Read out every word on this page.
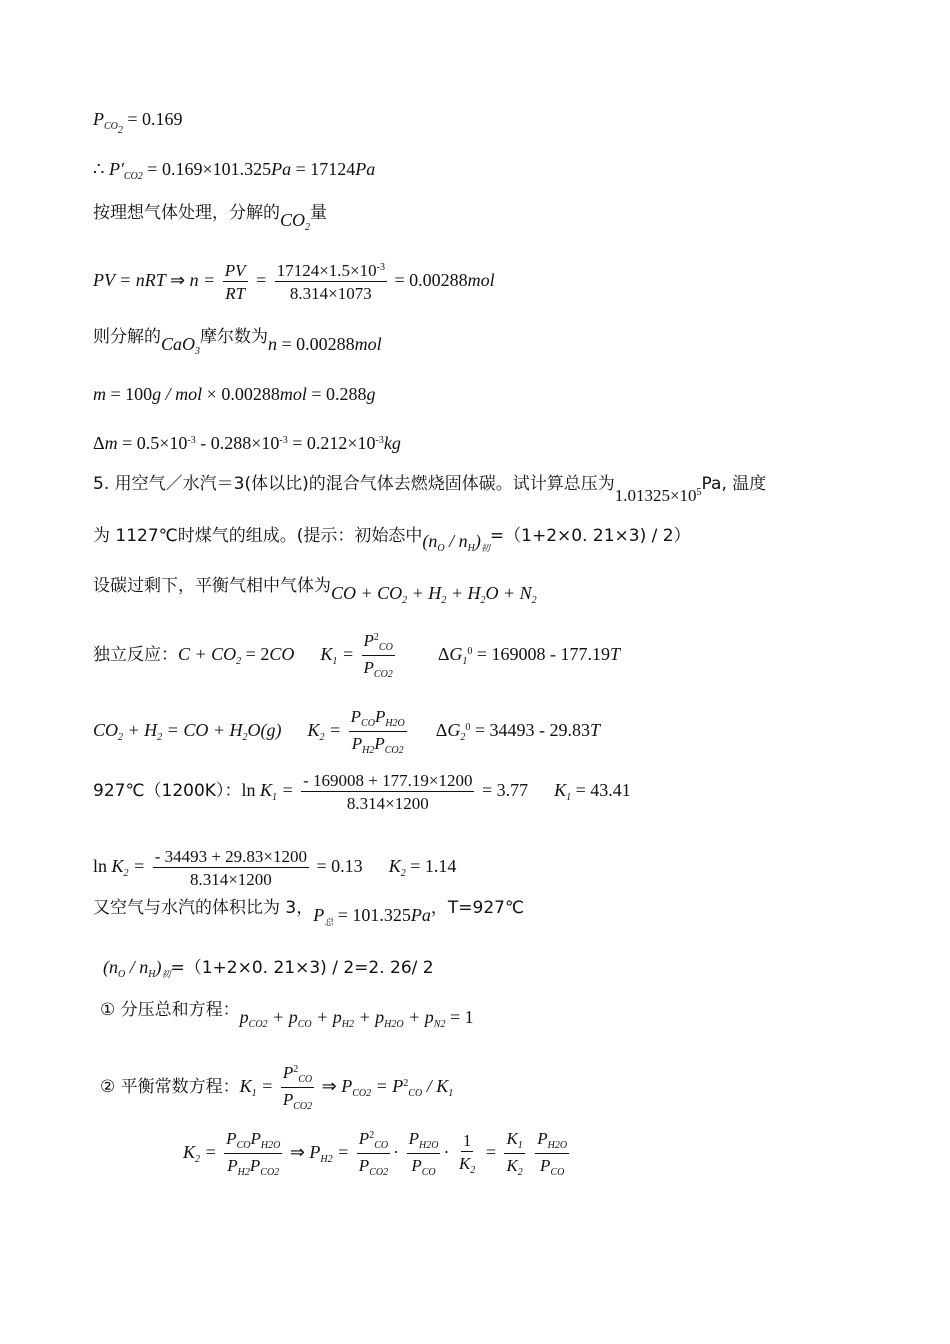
$P_{CO_2} = 0.169$
∴ $P'_{CO2} = 0.169\times 101.325Pa = 17124Pa$
按理想气体处理，分解的$CO_2$量
PV = nRT ⇒ $n = \frac{PV}{RT} = \frac{17124\times 1.5\times 10^{-3}}{8.314\times 1073} = 0.00288mol$
则分解的CaO$_3$摩尔数为n = 0.00288mol
m = 100g / mol × 0.00288mol = 0.288g
$\Delta m = 0.5\times 10^{-3} - 0.288\times 10^{-3} = 0.212\times 10^{-3}kg$
5. 用空气／水汽＝3(体以比)的混合气体去燃烧固体碳。试计算总压为$1.01325\times 10^5Pa$, 温度
为 1127℃时煤气的组成。(提示：初始态中$(n_O / n_H)_初=(1+2\times 0$. 21×3) / 2）
设碳过剩下，平衡气相中气体为CO + $CO_2 + H_2 + H_2O + N_2$
独立反应：$C + CO_2 = 2CO$ $K_1 = \frac{P^2_{CO}}{P_{CO2}} \Delta G_1^0 = 169008 - 177.19T$
$CO_2 + H_2$ = CO + $H_2O(g) K_2 = \frac{P_{CO}P_{H2O}}{P_{H2}P_{CO2}} \Delta G_2^0 = 34493 - 29.83T$
927℃（1200K）：$\ln K_1 = \frac{- 169008 + 177.19\times 1200}{8.314\times 1200} = 3.77$ $K_1 = 43.41$
$\ln K_2 = \frac{- 34493 + 29.83\times 1200}{8.314\times 1200} = 0.13$ $K_2 = 1.14$
又空气与水汽的体积比为 3，$P_总 = 101.325Pa$，T=927℃
$(n_O / n_H)_初=(1+2\times 0$. 21×3) / 2=2. 26/ 2
① 分压总和方程：$p_{CO2} + p_{CO} + p_{H2} + p_{H2O} + p_{N2} = 1$
② 平衡常数方程：$K_1 = \frac{P^2_{CO}}{P_{CO2}}$ ⇒ $P_{CO2} = P^2_{CO} / K_1$
$K_2 = \frac{P_{CO}P_{H2O}}{P_{H2}P_{CO2}}$ ⇒ $P_{H2} = \frac{P^2_{CO}}{P_{CO2}} \cdot \frac{P_{H2O}}{P_{CO}} \cdot \frac{1}{K_2} = \frac{K_1}{K_2}$
$\frac{P_{H2O}}{P_{CO}}$
